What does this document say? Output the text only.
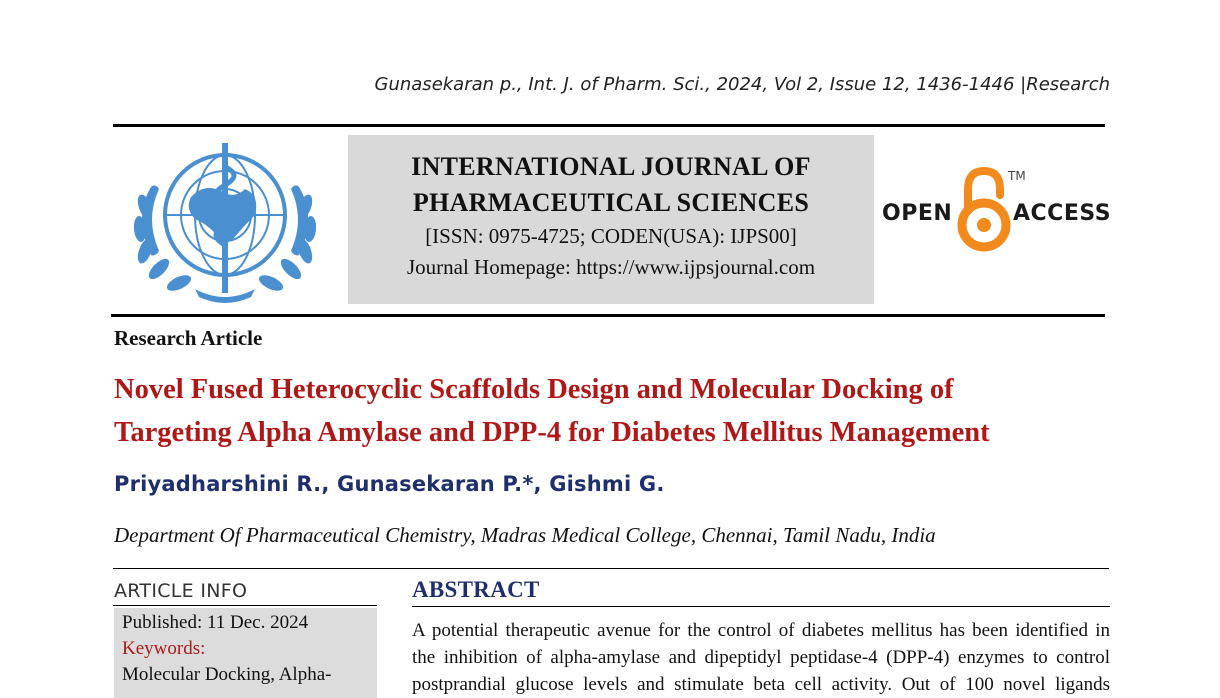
Gunasekaran p., Int. J. of Pharm. Sci., 2024, Vol 2, Issue 12, 1436-1446 |Research
INTERNATIONAL JOURNAL OF
PHARMACEUTICAL SCIENCES
[ISSN: 0975-4725; CODEN(USA): IJPS00]
Journal Homepage: https://www.ijpsjournal.com
OPEN
TM
ACCESS
Research Article
Novel Fused Heterocyclic Scaffolds Design and Molecular Docking of
Targeting Alpha Amylase and DPP-4 for Diabetes Mellitus Management
Priyadharshini R., Gunasekaran P.*, Gishmi G.
Department Of Pharmaceutical Chemistry, Madras Medical College, Chennai, Tamil Nadu, India
ARTICLE INFO
Published: 11 Dec. 2024
Keywords:
Molecular Docking, Alpha-
ABSTRACT
A potential therapeutic avenue for the control of diabetes mellitus has been identified in
the inhibition of alpha-amylase and dipeptidyl peptidase-4 (DPP-4) enzymes to control
postprandial glucose levels and stimulate beta cell activity. Out of 100 novel ligands
